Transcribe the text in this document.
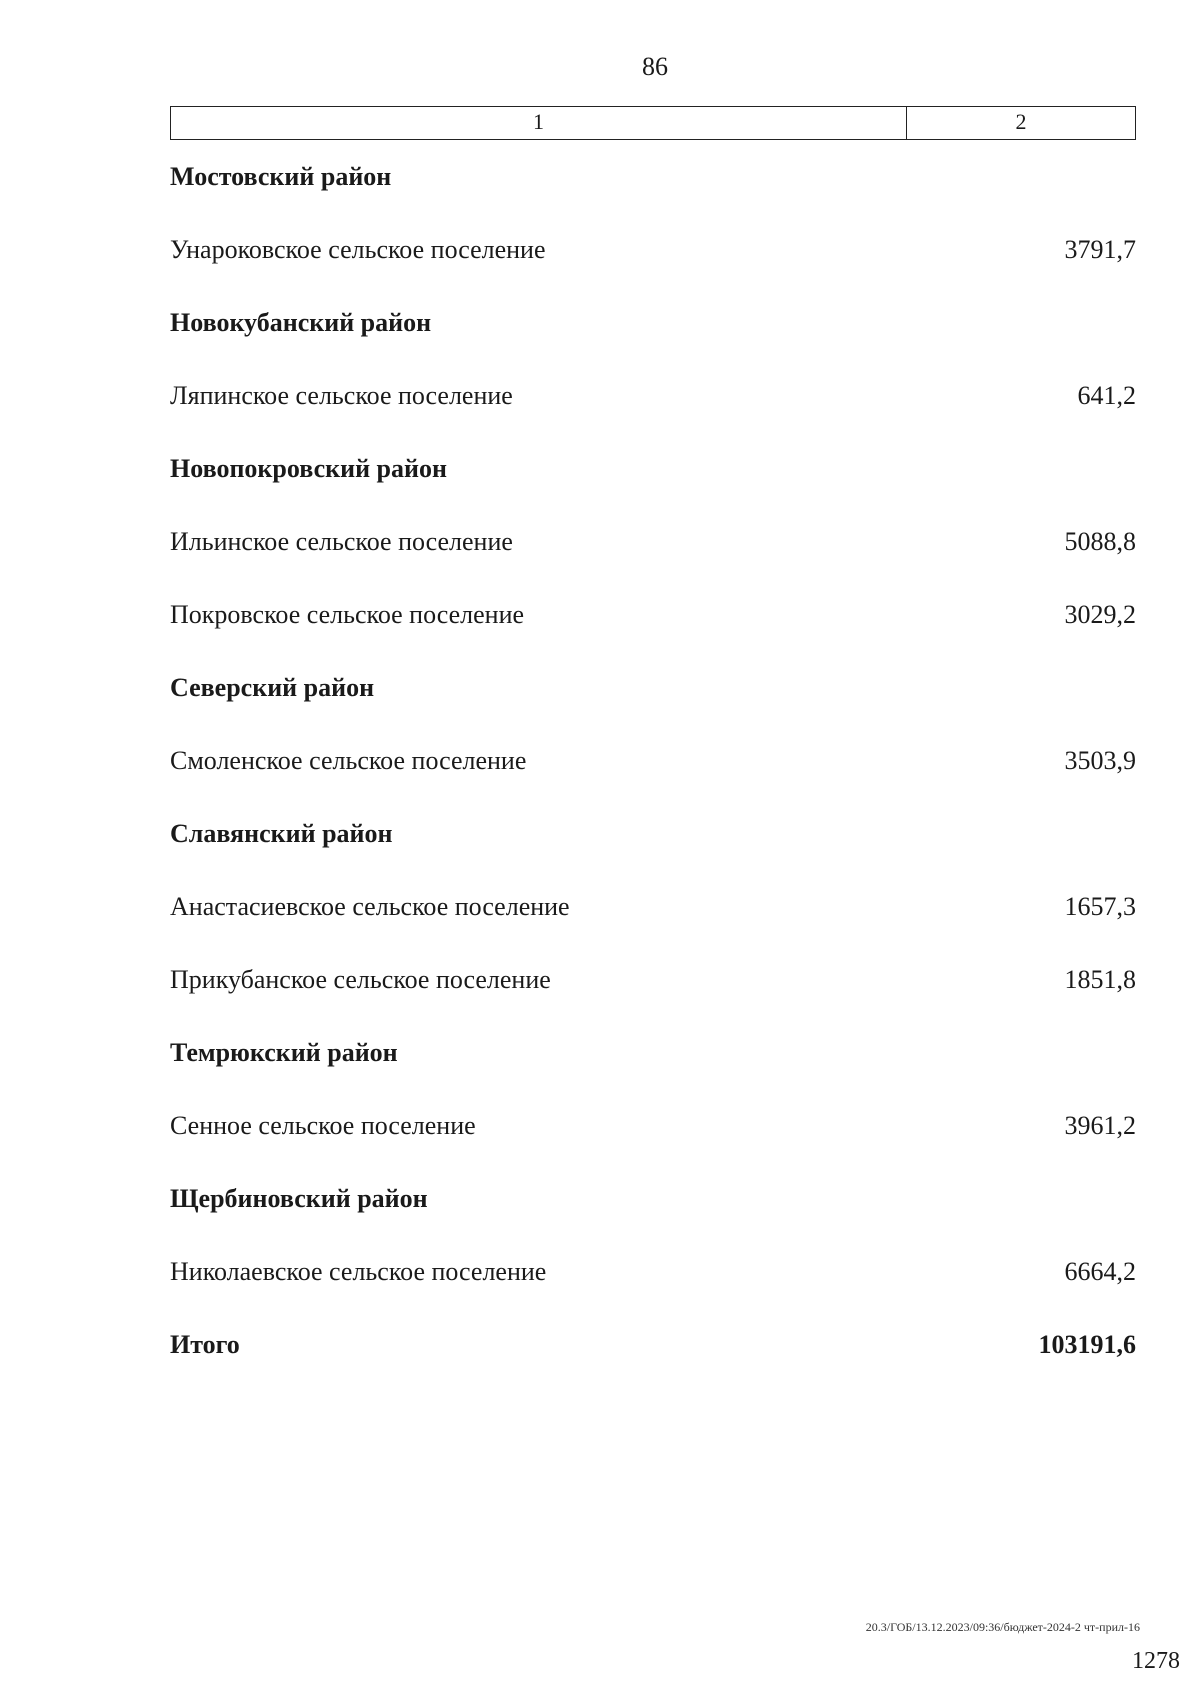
86
1	2
Мостовский район
Унароковское сельское поселение	3791,7
Новокубанский район
Ляпинское сельское поселение	641,2
Новопокровский район
Ильинское сельское поселение	5088,8
Покровское сельское поселение	3029,2
Северский район
Смоленское сельское поселение	3503,9
Славянский район
Анастасиевское сельское поселение	1657,3
Прикубанское сельское поселение	1851,8
Темрюкский район
Сенное сельское поселение	3961,2
Щербиновский район
Николаевское сельское поселение	6664,2
Итого	103191,6
20.3/ГОБ/13.12.2023/09:36/бюджет-2024-2 чт-прил-16
1278
